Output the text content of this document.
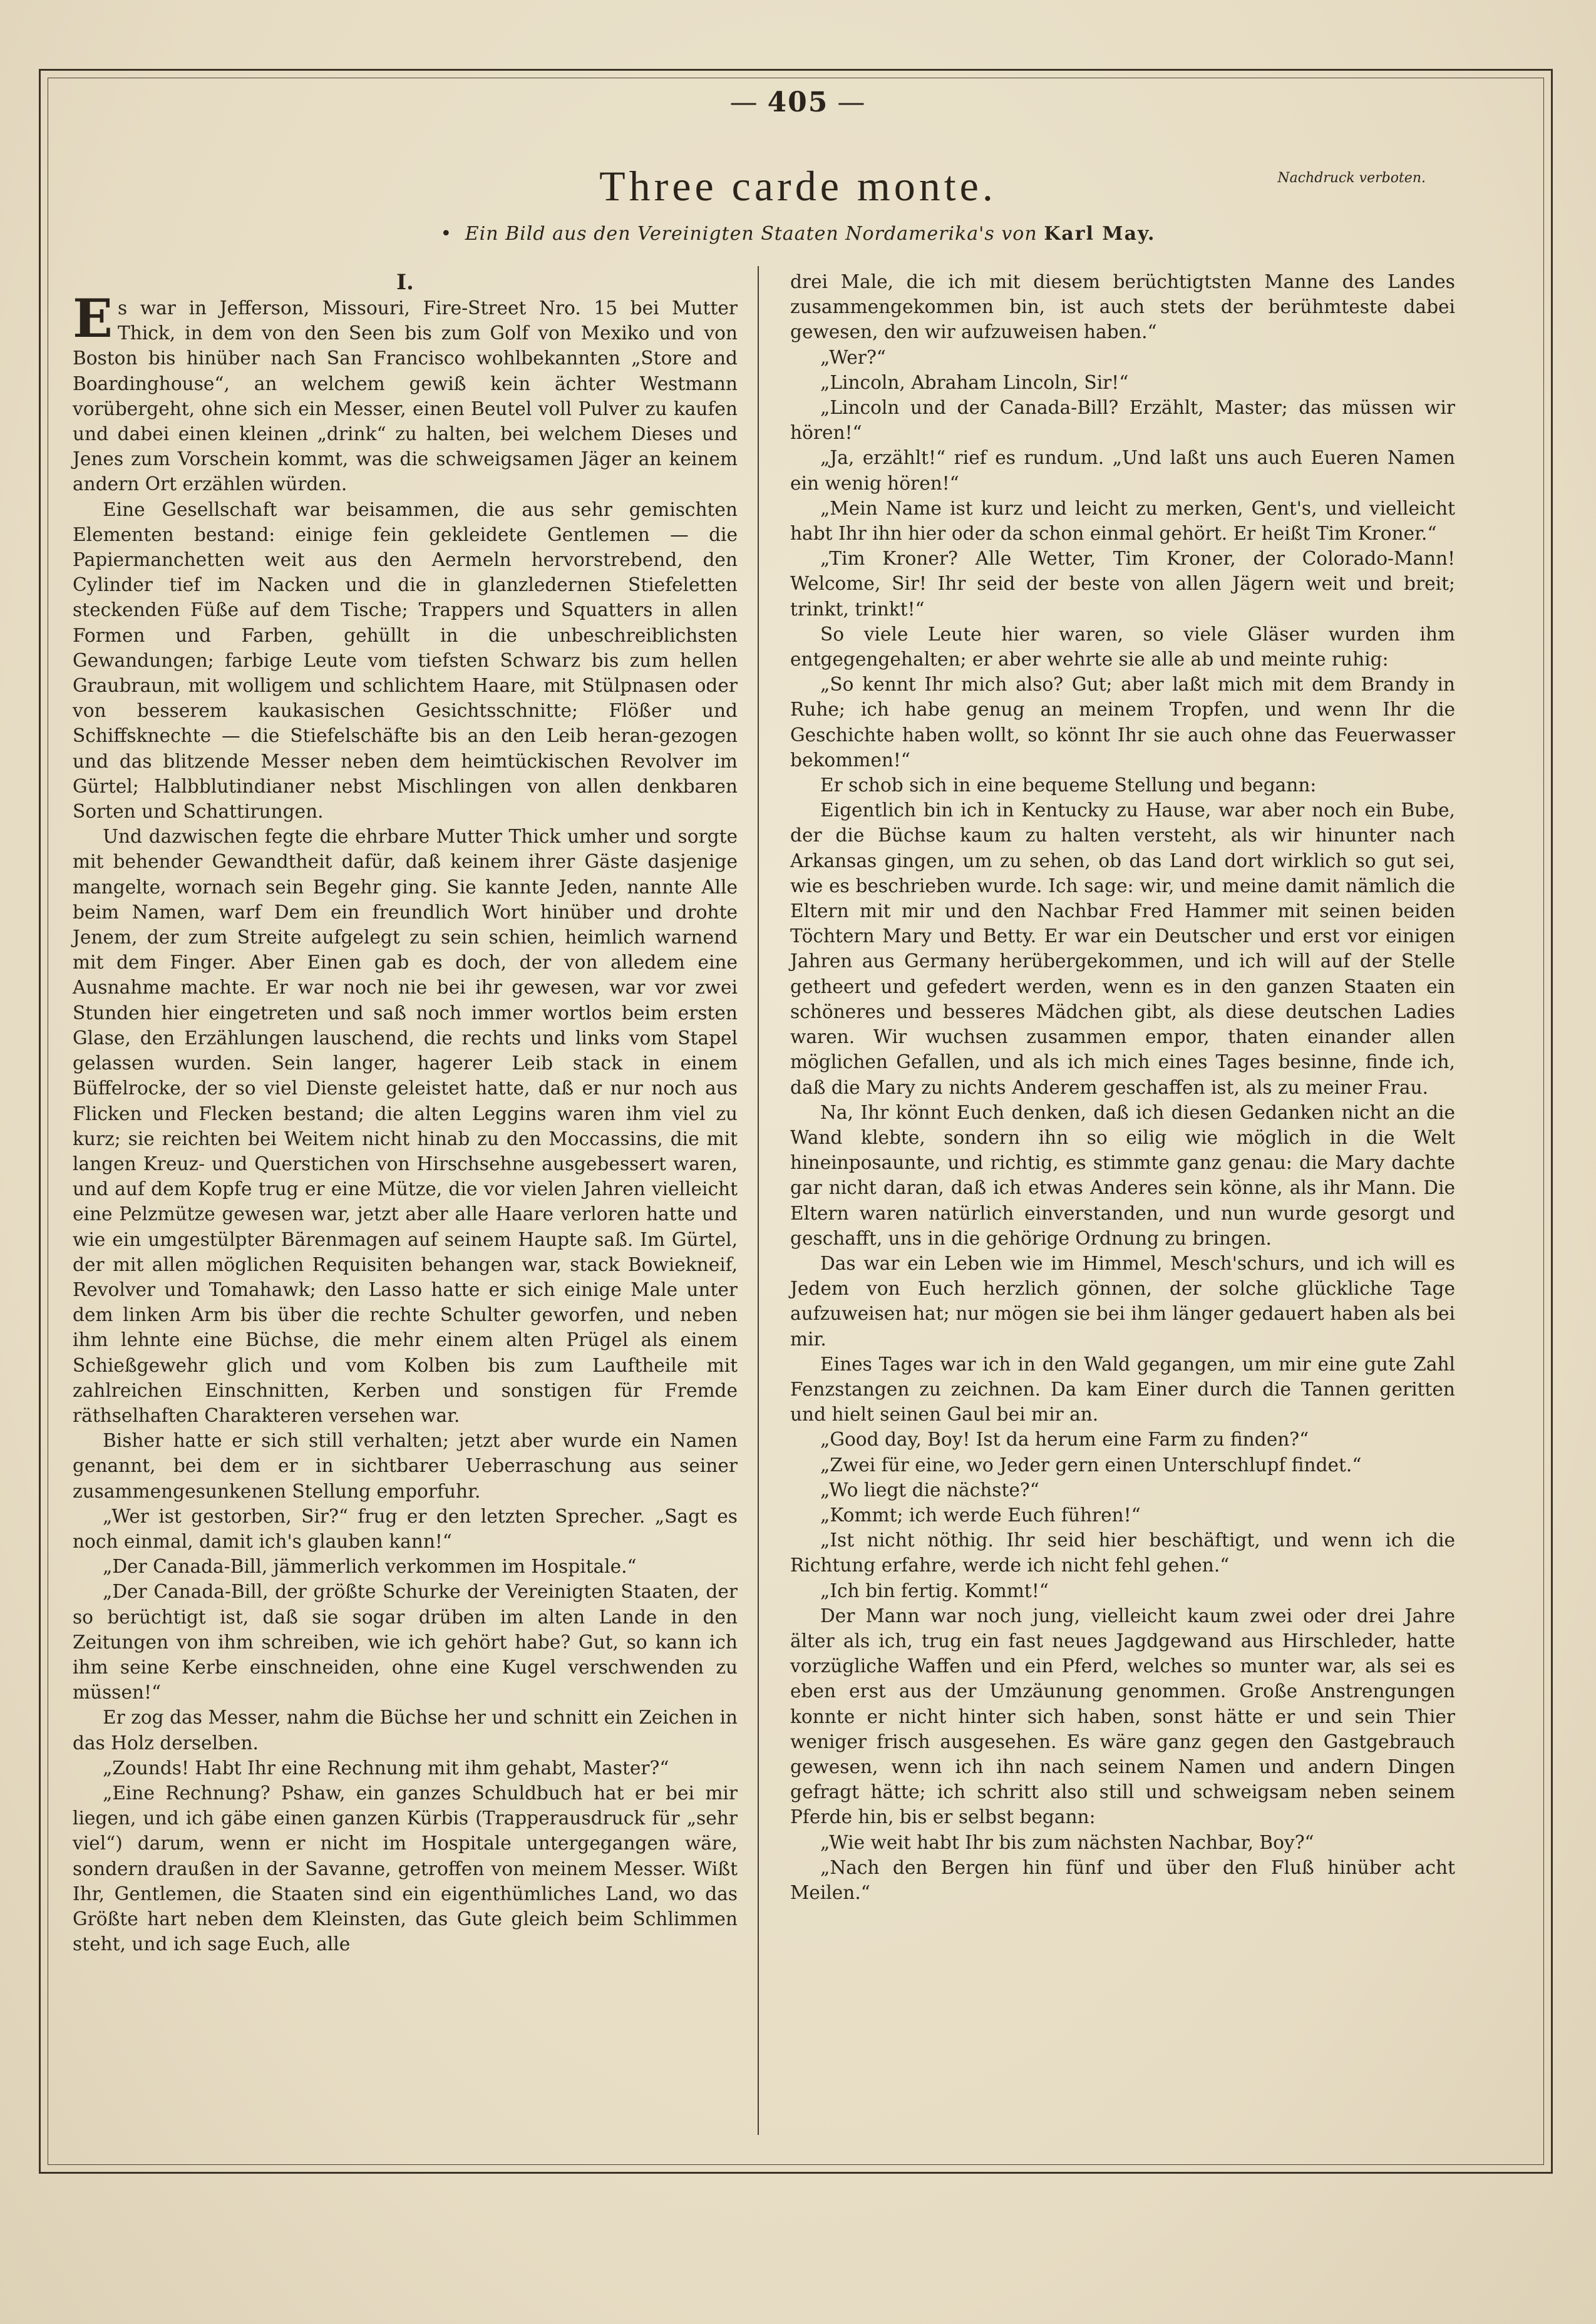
— 405 —
Three carde monte.	Nachdruck verboten.
• Ein Bild aus den Vereinigten Staaten Nordamerika's von Karl May.
I.

Es war in Jefferson, Missouri, Fire-Street Nro. 15 bei Mutter Thick, in dem von den Seen bis zum Golf von Mexiko und von Boston bis hinüber nach San Francisco wohlbekannten „Store and Boardinghouse“, an welchem gewiß kein ächter Westmann vorübergeht, ohne sich ein Messer, einen Beutel voll Pulver zu kaufen und dabei einen kleinen „drink“ zu halten, bei welchem Dieses und Jenes zum Vorschein kommt, was die schweigsamen Jäger an keinem andern Ort erzählen würden.

Eine Gesellschaft war beisammen, die aus sehr gemischten Elementen bestand: einige fein gekleidete Gentlemen — die Papiermanchetten weit aus den Aermeln hervorstrebend, den Cylinder tief im Nacken und die in glanzledernen Stiefeletten steckenden Füße auf dem Tische; Trappers und Squatters in allen Formen und Farben, gehüllt in die unbeschreiblichsten Gewandungen; farbige Leute vom tiefsten Schwarz bis zum hellen Graubraun, mit wolligem und schlichtem Haare, mit Stülpnasen oder von besserem kaukasischen Gesichtsschnitte; Flößer und Schiffsknechte — die Stiefelschäfte bis an den Leib heran-gezogen und das blitzende Messer neben dem heimtückischen Revolver im Gürtel; Halbblutindianer nebst Mischlingen von allen denkbaren Sorten und Schattirungen.

Und dazwischen fegte die ehrbare Mutter Thick umher und sorgte mit behender Gewandtheit dafür, daß keinem ihrer Gäste dasjenige mangelte, wornach sein Begehr ging. Sie kannte Jeden, nannte Alle beim Namen, warf Dem ein freundlich Wort hinüber und drohte Jenem, der zum Streite aufgelegt zu sein schien, heimlich warnend mit dem Finger. Aber Einen gab es doch, der von alledem eine Ausnahme machte. Er war noch nie bei ihr gewesen, war vor zwei Stunden hier eingetreten und saß noch immer wortlos beim ersten Glase, den Erzählungen lauschend, die rechts und links vom Stapel gelassen wurden. Sein langer, hagerer Leib stack in einem Büffelrocke, der so viel Dienste geleistet hatte, daß er nur noch aus Flicken und Flecken bestand; die alten Leggins waren ihm viel zu kurz; sie reichten bei Weitem nicht hinab zu den Moccassins, die mit langen Kreuz- und Querstichen von Hirschsehne ausgebessert waren, und auf dem Kopfe trug er eine Mütze, die vor vielen Jahren vielleicht eine Pelzmütze gewesen war, jetzt aber alle Haare verloren hatte und wie ein umgestülpter Bärenmagen auf seinem Haupte saß. Im Gürtel, der mit allen möglichen Requisiten behangen war, stack Bowiekneif, Revolver und Tomahawk; den Lasso hatte er sich einige Male unter dem linken Arm bis über die rechte Schulter geworfen, und neben ihm lehnte eine Büchse, die mehr einem alten Prügel als einem Schießgewehr glich und vom Kolben bis zum Lauftheile mit zahlreichen Einschnitten, Kerben und sonstigen für Fremde räthselhaften Charakteren versehen war.

Bisher hatte er sich still verhalten; jetzt aber wurde ein Namen genannt, bei dem er in sichtbarer Ueberraschung aus seiner zusammengesunkenen Stellung emporfuhr.

„Wer ist gestorben, Sir?“ frug er den letzten Sprecher. „Sagt es noch einmal, damit ich's glauben kann!“

„Der Canada-Bill, jämmerlich verkommen im Hospitale.“

„Der Canada-Bill, der größte Schurke der Vereinigten Staaten, der so berüchtigt ist, daß sie sogar drüben im alten Lande in den Zeitungen von ihm schreiben, wie ich gehört habe? Gut, so kann ich ihm seine Kerbe einschneiden, ohne eine Kugel verschwenden zu müssen!“

Er zog das Messer, nahm die Büchse her und schnitt ein Zeichen in das Holz derselben.

„Zounds! Habt Ihr eine Rechnung mit ihm gehabt, Master?“

„Eine Rechnung? Pshaw, ein ganzes Schuldbuch hat er bei mir liegen, und ich gäbe einen ganzen Kürbis (Trapperausdruck für „sehr viel“) darum, wenn er nicht im Hospitale untergegangen wäre, sondern draußen in der Savanne, getroffen von meinem Messer. Wißt Ihr, Gentlemen, die Staaten sind ein eigenthümliches Land, wo das Größte hart neben dem Kleinsten, das Gute gleich beim Schlimmen steht, und ich sage Euch, alle

drei Male, die ich mit diesem berüchtigtsten Manne des Landes zusammengekommen bin, ist auch stets der berühmteste dabei gewesen, den wir aufzuweisen haben.“

„Wer?“

„Lincoln, Abraham Lincoln, Sir!“

„Lincoln und der Canada-Bill? Erzählt, Master; das müssen wir hören!“

„Ja, erzählt!“ rief es rundum. „Und laßt uns auch Eueren Namen ein wenig hören!“

„Mein Name ist kurz und leicht zu merken, Gent's, und vielleicht habt Ihr ihn hier oder da schon einmal gehört. Er heißt Tim Kroner.“

„Tim Kroner? Alle Wetter, Tim Kroner, der Colorado-Mann! Welcome, Sir! Ihr seid der beste von allen Jägern weit und breit; trinkt, trinkt!“

So viele Leute hier waren, so viele Gläser wurden ihm entgegengehalten; er aber wehrte sie alle ab und meinte ruhig:

„So kennt Ihr mich also? Gut; aber laßt mich mit dem Brandy in Ruhe; ich habe genug an meinem Tropfen, und wenn Ihr die Geschichte haben wollt, so könnt Ihr sie auch ohne das Feuerwasser bekommen!“

Er schob sich in eine bequeme Stellung und begann:

Eigentlich bin ich in Kentucky zu Hause, war aber noch ein Bube, der die Büchse kaum zu halten versteht, als wir hinunter nach Arkansas gingen, um zu sehen, ob das Land dort wirklich so gut sei, wie es beschrieben wurde. Ich sage: wir, und meine damit nämlich die Eltern mit mir und den Nachbar Fred Hammer mit seinen beiden Töchtern Mary und Betty. Er war ein Deutscher und erst vor einigen Jahren aus Germany herübergekommen, und ich will auf der Stelle getheert und gefedert werden, wenn es in den ganzen Staaten ein schöneres und besseres Mädchen gibt, als diese deutschen Ladies waren. Wir wuchsen zusammen empor, thaten einander allen möglichen Gefallen, und als ich mich eines Tages besinne, finde ich, daß die Mary zu nichts Anderem geschaffen ist, als zu meiner Frau.

Na, Ihr könnt Euch denken, daß ich diesen Gedanken nicht an die Wand klebte, sondern ihn so eilig wie möglich in die Welt hineinposaunte, und richtig, es stimmte ganz genau: die Mary dachte gar nicht daran, daß ich etwas Anderes sein könne, als ihr Mann. Die Eltern waren natürlich einverstanden, und nun wurde gesorgt und geschafft, uns in die gehörige Ordnung zu bringen.

Das war ein Leben wie im Himmel, Mesch'schurs, und ich will es Jedem von Euch herzlich gönnen, der solche glückliche Tage aufzuweisen hat; nur mögen sie bei ihm länger gedauert haben als bei mir.

Eines Tages war ich in den Wald gegangen, um mir eine gute Zahl Fenzstangen zu zeichnen. Da kam Einer durch die Tannen geritten und hielt seinen Gaul bei mir an.

„Good day, Boy! Ist da herum eine Farm zu finden?“

„Zwei für eine, wo Jeder gern einen Unterschlupf findet.“

„Wo liegt die nächste?“

„Kommt; ich werde Euch führen!“

„Ist nicht nöthig. Ihr seid hier beschäftigt, und wenn ich die Richtung erfahre, werde ich nicht fehl gehen.“

„Ich bin fertig. Kommt!“

Der Mann war noch jung, vielleicht kaum zwei oder drei Jahre älter als ich, trug ein fast neues Jagdgewand aus Hirschleder, hatte vorzügliche Waffen und ein Pferd, welches so munter war, als sei es eben erst aus der Umzäunung genommen. Große Anstrengungen konnte er nicht hinter sich haben, sonst hätte er und sein Thier weniger frisch ausgesehen. Es wäre ganz gegen den Gastgebrauch gewesen, wenn ich ihn nach seinem Namen und andern Dingen gefragt hätte; ich schritt also still und schweigsam neben seinem Pferde hin, bis er selbst begann:

„Wie weit habt Ihr bis zum nächsten Nachbar, Boy?“

„Nach den Bergen hin fünf und über den Fluß hinüber acht Meilen.“
